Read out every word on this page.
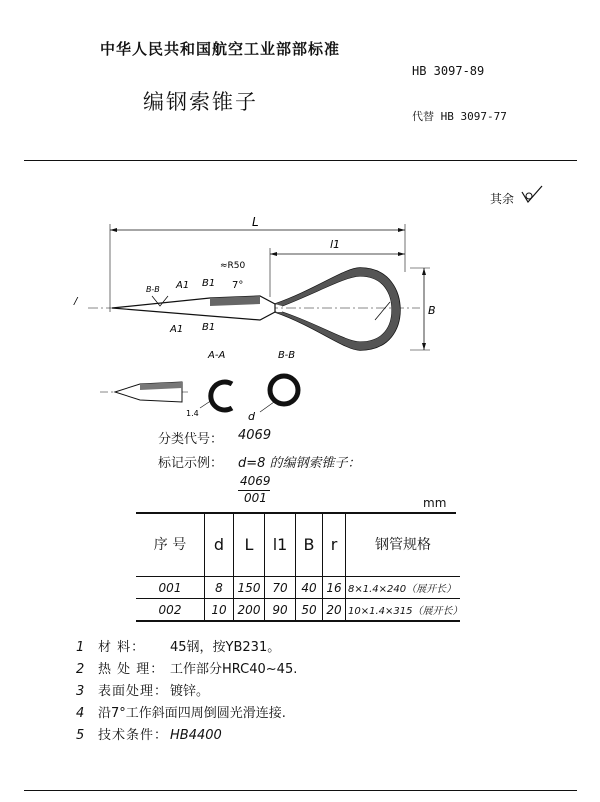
中华人民共和国航空工业部部标准
编钢索锥子
HB 3097-89
代替 HB 3097-77
其余
L
l1
/
B
≈R50
7°
A1 B1
A1 B1
B-B
A-A	B-B
1.4	d
分类代号： 4069
标记示例： d=8 的编钢索锥子：
4069
001	mm
序 号	d	L	l1	B	r	钢管规格
001	8	150	70	40	16	8×1.4×240（展开长）
002	10	200	90	50	20	10×1.4×315（展开长）
1 材 料： 45钢，按YB231。
2 热 处 理： 工作部分HRC40~45.
3 表面处理： 镀锌。
4 沿7°工作斜面四周倒圆光滑连接.
5 技术条件： HB4400
